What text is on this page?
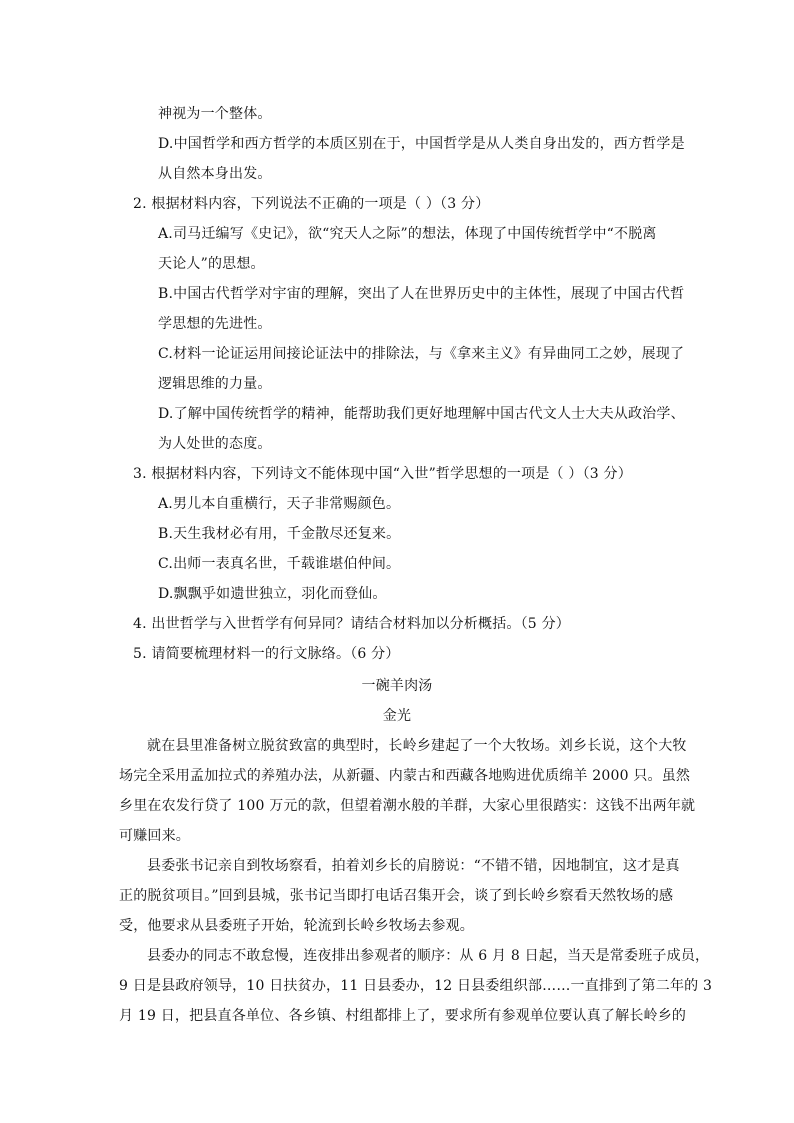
神视为一个整体。
D.中国哲学和西方哲学的本质区别在于，中国哲学是从人类自身出发的，西方哲学是
从自然本身出发。
2. 根据材料内容，下列说法不正确的一项是（ ）（3 分）
A.司马迁编写《史记》，欲“究天人之际”的想法，体现了中国传统哲学中“不脱离
天论人”的思想。
B.中国古代哲学对宇宙的理解，突出了人在世界历史中的主体性，展现了中国古代哲
学思想的先进性。
C.材料一论证运用间接论证法中的排除法，与《拿来主义》有异曲同工之妙，展现了
逻辑思维的力量。
D.了解中国传统哲学的精神，能帮助我们更好地理解中国古代文人士大夫从政治学、
为人处世的态度。
3. 根据材料内容，下列诗文不能体现中国“入世”哲学思想的一项是（ ）（3 分）
A.男儿本自重横行，天子非常赐颜色。
B.天生我材必有用，千金散尽还复来。
C.出师一表真名世，千载谁堪伯仲间。
D.飘飘乎如遗世独立，羽化而登仙。
4. 出世哲学与入世哲学有何异同？请结合材料加以分析概括。（5 分）
5. 请简要梳理材料一的行文脉络。（6 分）
一碗羊肉汤
金光
就在县里准备树立脱贫致富的典型时，长岭乡建起了一个大牧场。刘乡长说，这个大牧
场完全采用孟加拉式的养殖办法，从新疆、内蒙古和西藏各地购进优质绵羊 2000 只。虽然
乡里在农发行贷了 100 万元的款，但望着潮水般的羊群，大家心里很踏实：这钱不出两年就
可赚回来。
县委张书记亲自到牧场察看，拍着刘乡长的肩膀说：“不错不错，因地制宜，这才是真
正的脱贫项目。”回到县城，张书记当即打电话召集开会，谈了到长岭乡察看天然牧场的感
受，他要求从县委班子开始，轮流到长岭乡牧场去参观。
县委办的同志不敢怠慢，连夜排出参观者的顺序：从 6 月 8 日起，当天是常委班子成员，
9 日是县政府领导，10 日扶贫办，11 日县委办，12 日县委组织部……一直排到了第二年的 3
月 19 日，把县直各单位、各乡镇、村组都排上了，要求所有参观单位要认真了解长岭乡的
